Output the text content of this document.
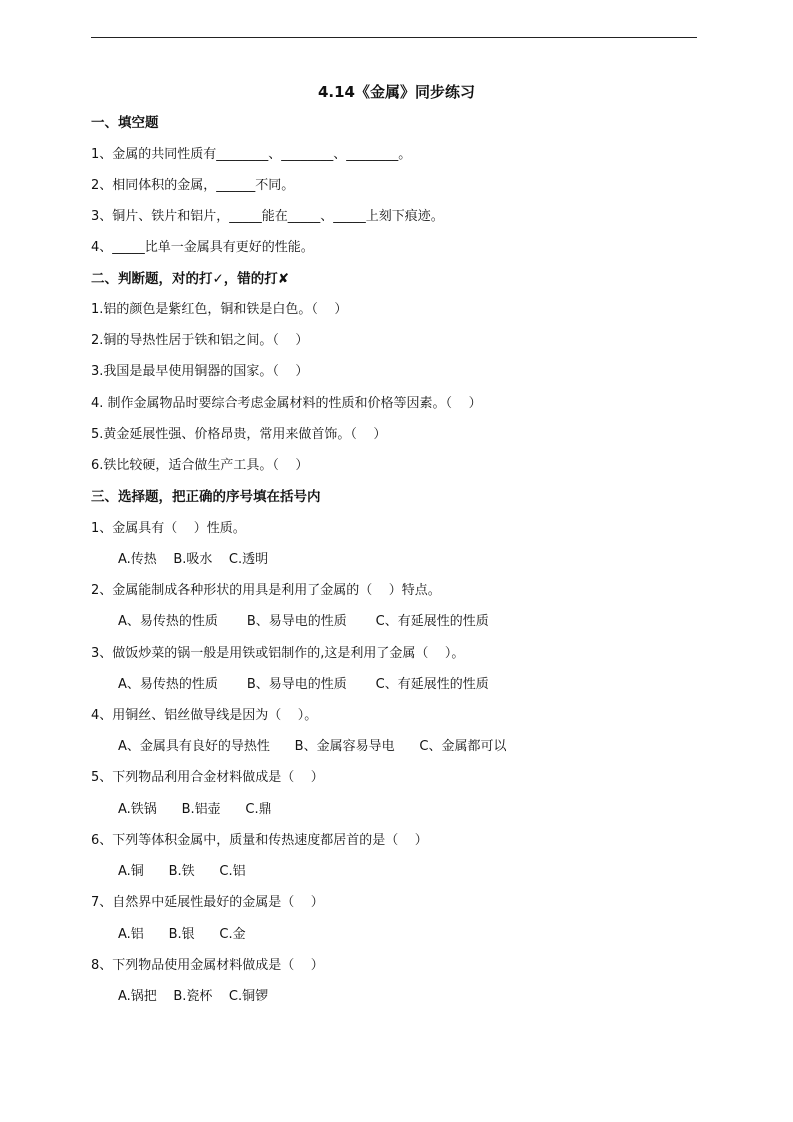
4.14《金属》同步练习
一、填空题
1、金属的共同性质有________、________、________。
2、相同体积的金属，______不同。
3、铜片、铁片和铝片，_____能在_____、_____上刻下痕迹。
4、_____比单一金属具有更好的性能。
二、判断题，对的打✓，错的打✘
1.铝的颜色是紫红色，铜和铁是白色。（    ）
2.铜的导热性居于铁和铝之间。（    ）
3.我国是最早使用铜器的国家。（    ）
4. 制作金属物品时要综合考虑金属材料的性质和价格等因素。（    ）
5.黄金延展性强、价格昂贵，常用来做首饰。（    ）
6.铁比较硬，适合做生产工具。（    ）
三、选择题，把正确的序号填在括号内
1、金属具有（    ）性质。
A.传热    B.吸水    C.透明
2、金属能制成各种形状的用具是利用了金属的（    ）特点。
A、易传热的性质       B、易导电的性质       C、有延展性的性质
3、做饭炒菜的锅一般是用铁或铝制作的,这是利用了金属（    ）。
A、易传热的性质       B、易导电的性质       C、有延展性的性质
4、用铜丝、铝丝做导线是因为（    ）。
A、金属具有良好的导热性      B、金属容易导电      C、金属都可以
5、下列物品利用合金材料做成是（    ）
A.铁锅      B.铝壶      C.鼎
6、下列等体积金属中，质量和传热速度都居首的是（    ）
A.铜      B.铁      C.铝
7、自然界中延展性最好的金属是（    ）
A.铝      B.银      C.金
8、下列物品使用金属材料做成是（    ）
A.锅把    B.瓷杯    C.铜锣
